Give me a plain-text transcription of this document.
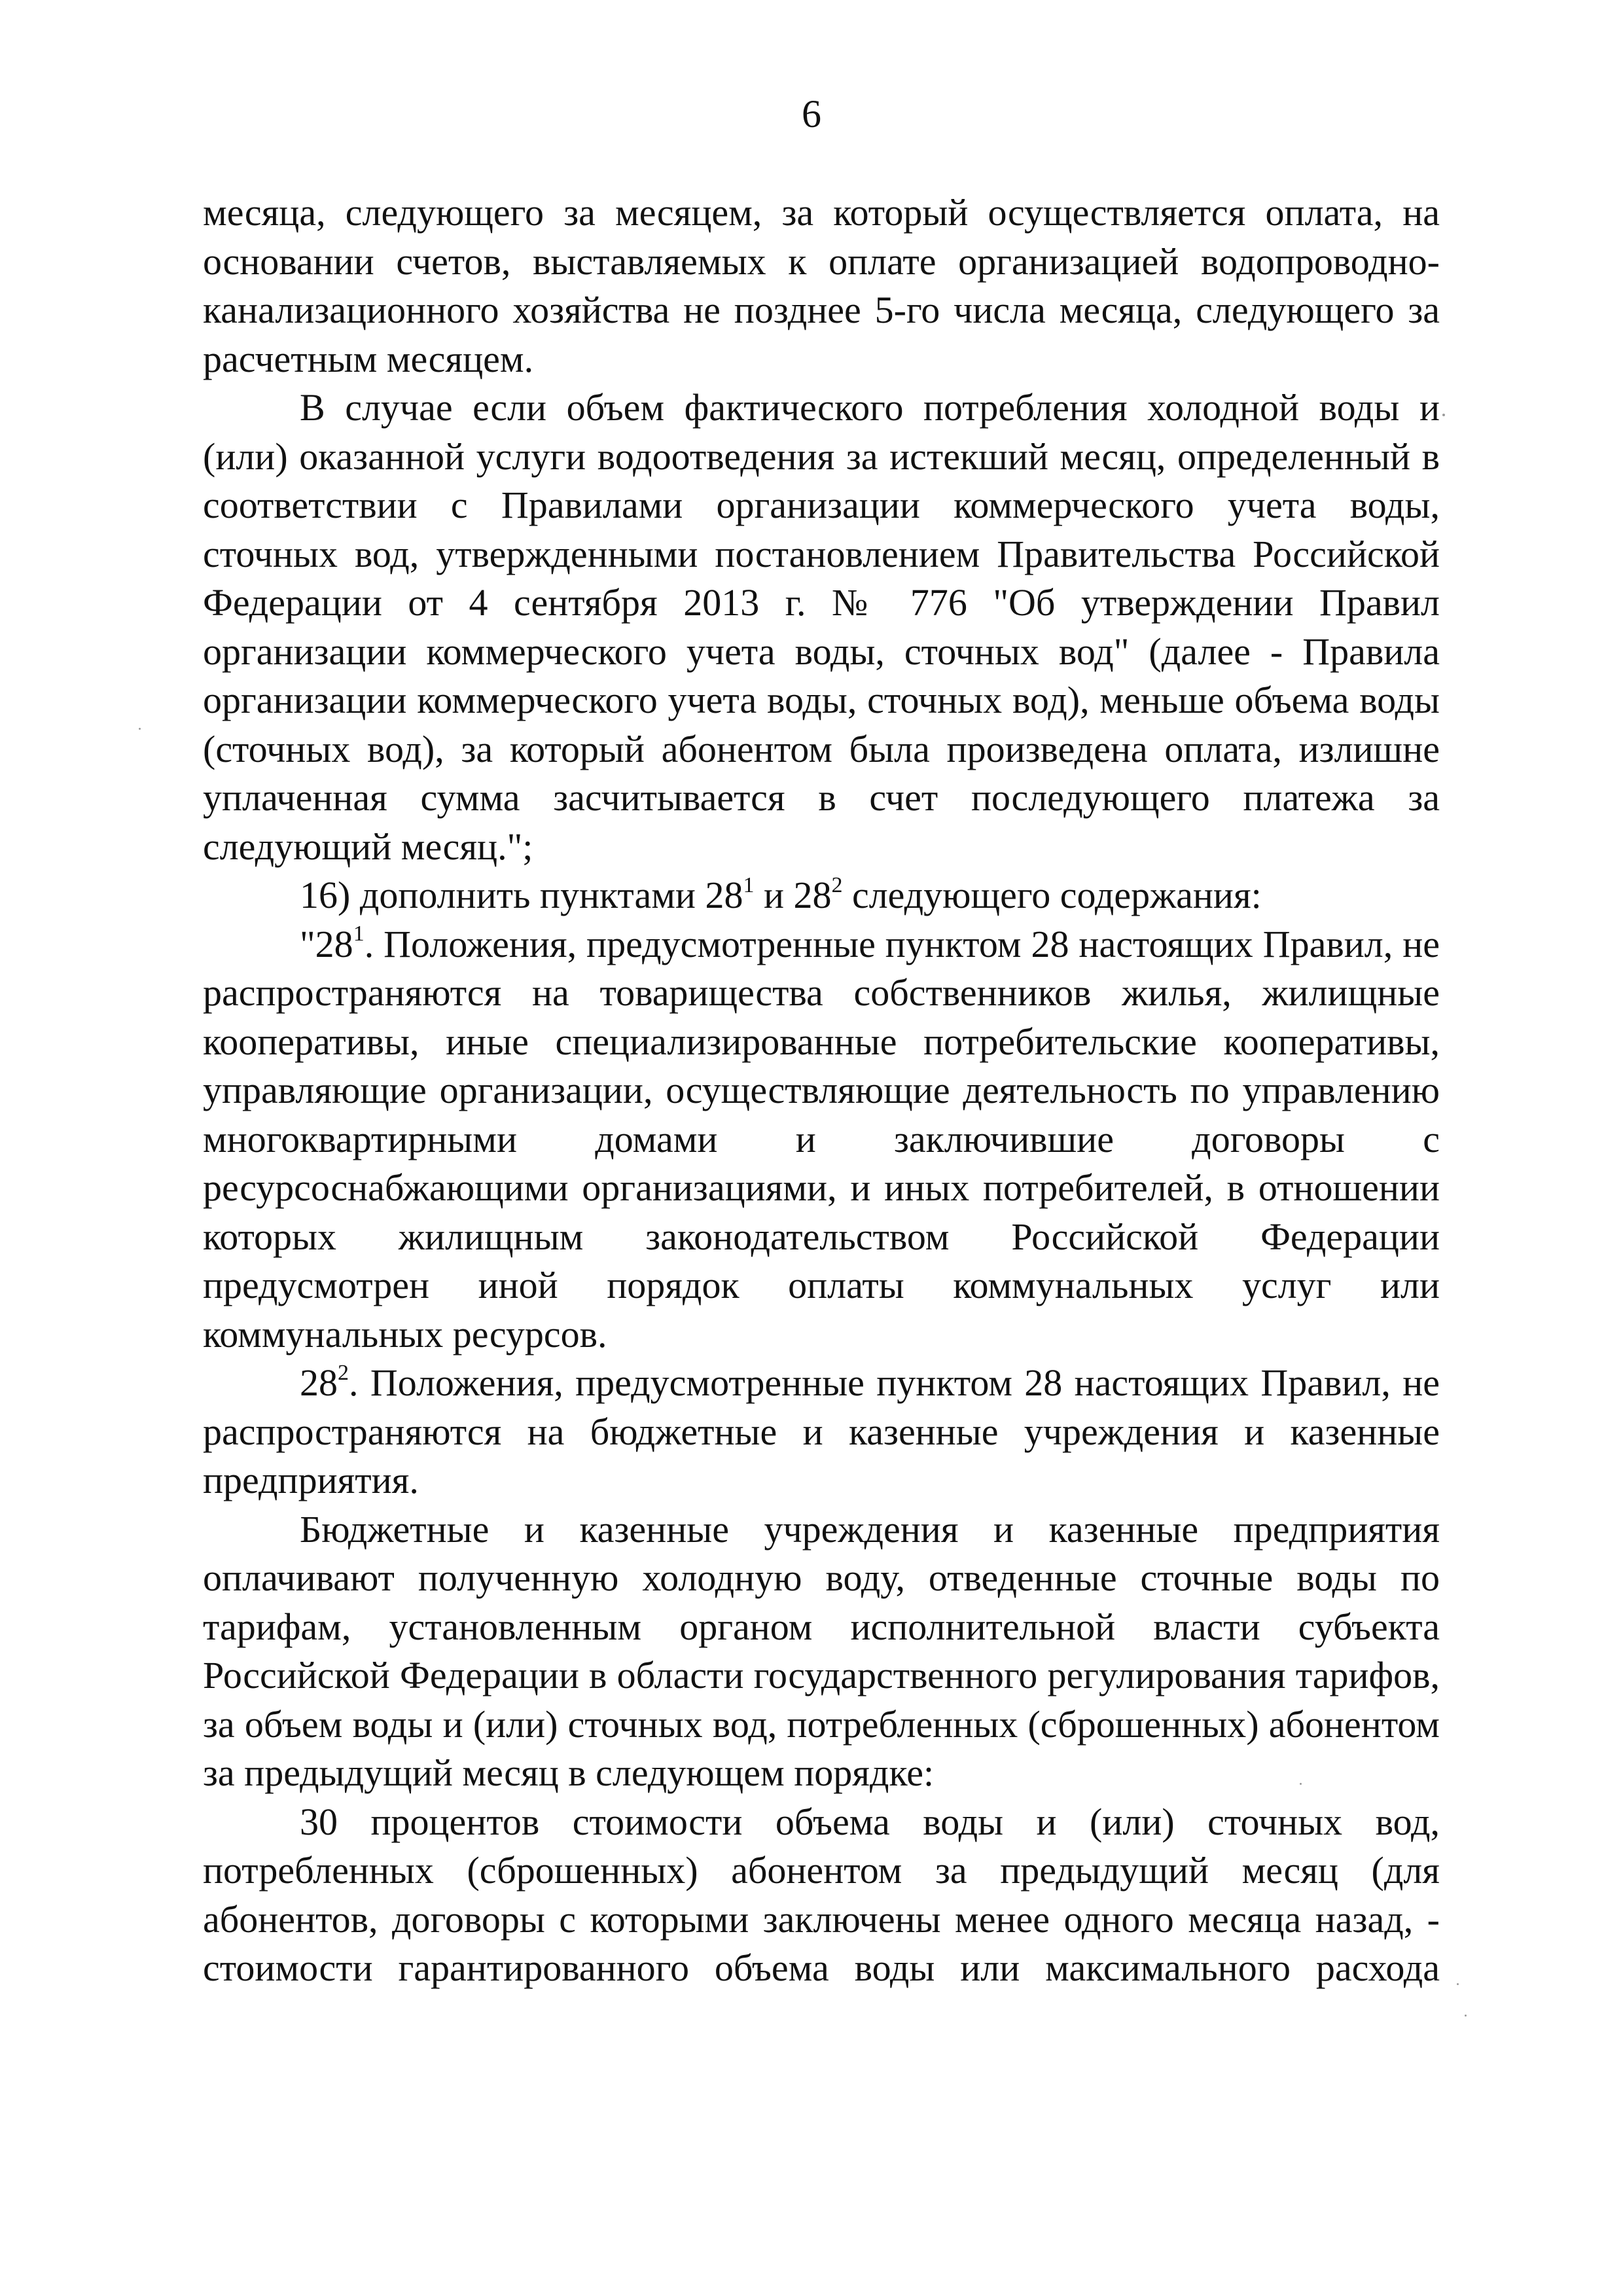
6

месяца, следующего за месяцем, за который осуществляется оплата, на основании счетов, выставляемых к оплате организацией водопроводно-канализационного хозяйства не позднее 5-го числа месяца, следующего за расчетным месяцем.

В случае если объем фактического потребления холодной воды и (или) оказанной услуги водоотведения за истекший месяц, определенный в соответствии с Правилами организации коммерческого учета воды, сточных вод, утвержденными постановлением Правительства Российской Федерации от 4 сентября 2013 г. № 776 "Об утверждении Правил организации коммерческого учета воды, сточных вод" (далее - Правила организации коммерческого учета воды, сточных вод), меньше объема воды (сточных вод), за который абонентом была произведена оплата, излишне уплаченная сумма засчитывается в счет последующего платежа за следующий месяц.";

16) дополнить пунктами $28^1$ и $28^2$ следующего содержания:

"$28^1$. Положения, предусмотренные пунктом 28 настоящих Правил, не распространяются на товарищества собственников жилья, жилищные кооперативы, иные специализированные потребительские кооперативы, управляющие организации, осуществляющие деятельность по управлению многоквартирными домами и заключившие договоры с ресурсоснабжающими организациями, и иных потребителей, в отношении которых жилищным законодательством Российской Федерации предусмотрен иной порядок оплаты коммунальных услуг или коммунальных ресурсов.

$28^2$. Положения, предусмотренные пунктом 28 настоящих Правил, не распространяются на бюджетные и казенные учреждения и казенные предприятия.

Бюджетные и казенные учреждения и казенные предприятия оплачивают полученную холодную воду, отведенные сточные воды по тарифам, установленным органом исполнительной власти субъекта Российской Федерации в области государственного регулирования тарифов, за объем воды и (или) сточных вод, потребленных (сброшенных) абонентом за предыдущий месяц в следующем порядке:

30 процентов стоимости объема воды и (или) сточных вод, потребленных (сброшенных) абонентом за предыдущий месяц (для абонентов, договоры с которыми заключены менее одного месяца назад, - стоимости гарантированного объема воды или максимального расхода
